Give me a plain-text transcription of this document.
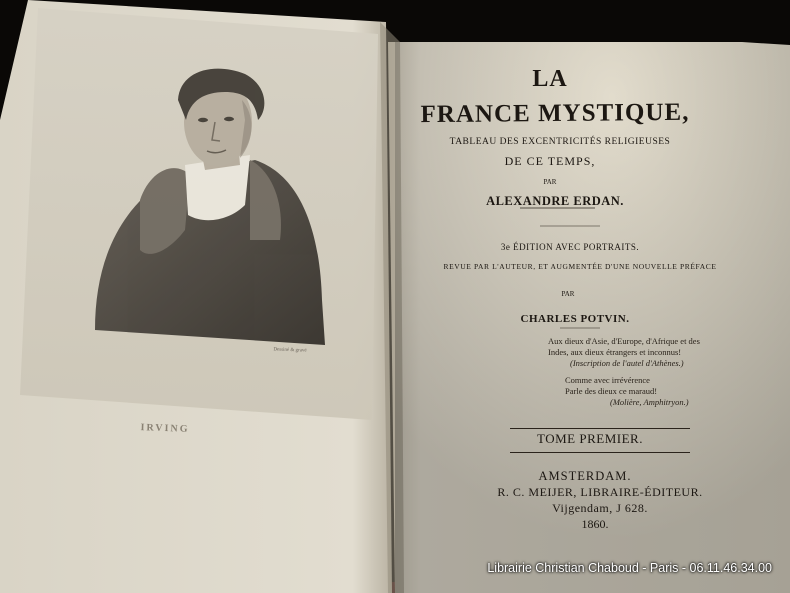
LA
FRANCE MYSTIQUE,
TABLEAU DES EXCENTRICITÉS RELIGIEUSES
DE CE TEMPS,
PAR
ALEXANDRE ERDAN.
3e ÉDITION AVEC PORTRAITS.
REVUE PAR L'AUTEUR, ET AUGMENTÉE D'UNE NOUVELLE PRÉFACE
PAR
CHARLES POTVIN.
Aux dieux d'Asie, d'Europe, d'Afrique et des
Indes, aux dieux étrangers et inconnus!
(Inscription de l'autel d'Athènes.)
Comme avec irrévérence
Parle des dieux ce maraud!
(Molière, Amphitryon.)
TOME PREMIER.
AMSTERDAM.
R. C. MEIJER, LIBRAIRE-ÉDITEUR.
Vijgendam, J 628.
1860.
IRVING
Dessiné & gravé
Librairie Christian Chaboud - Paris - 06.11.46.34.00
